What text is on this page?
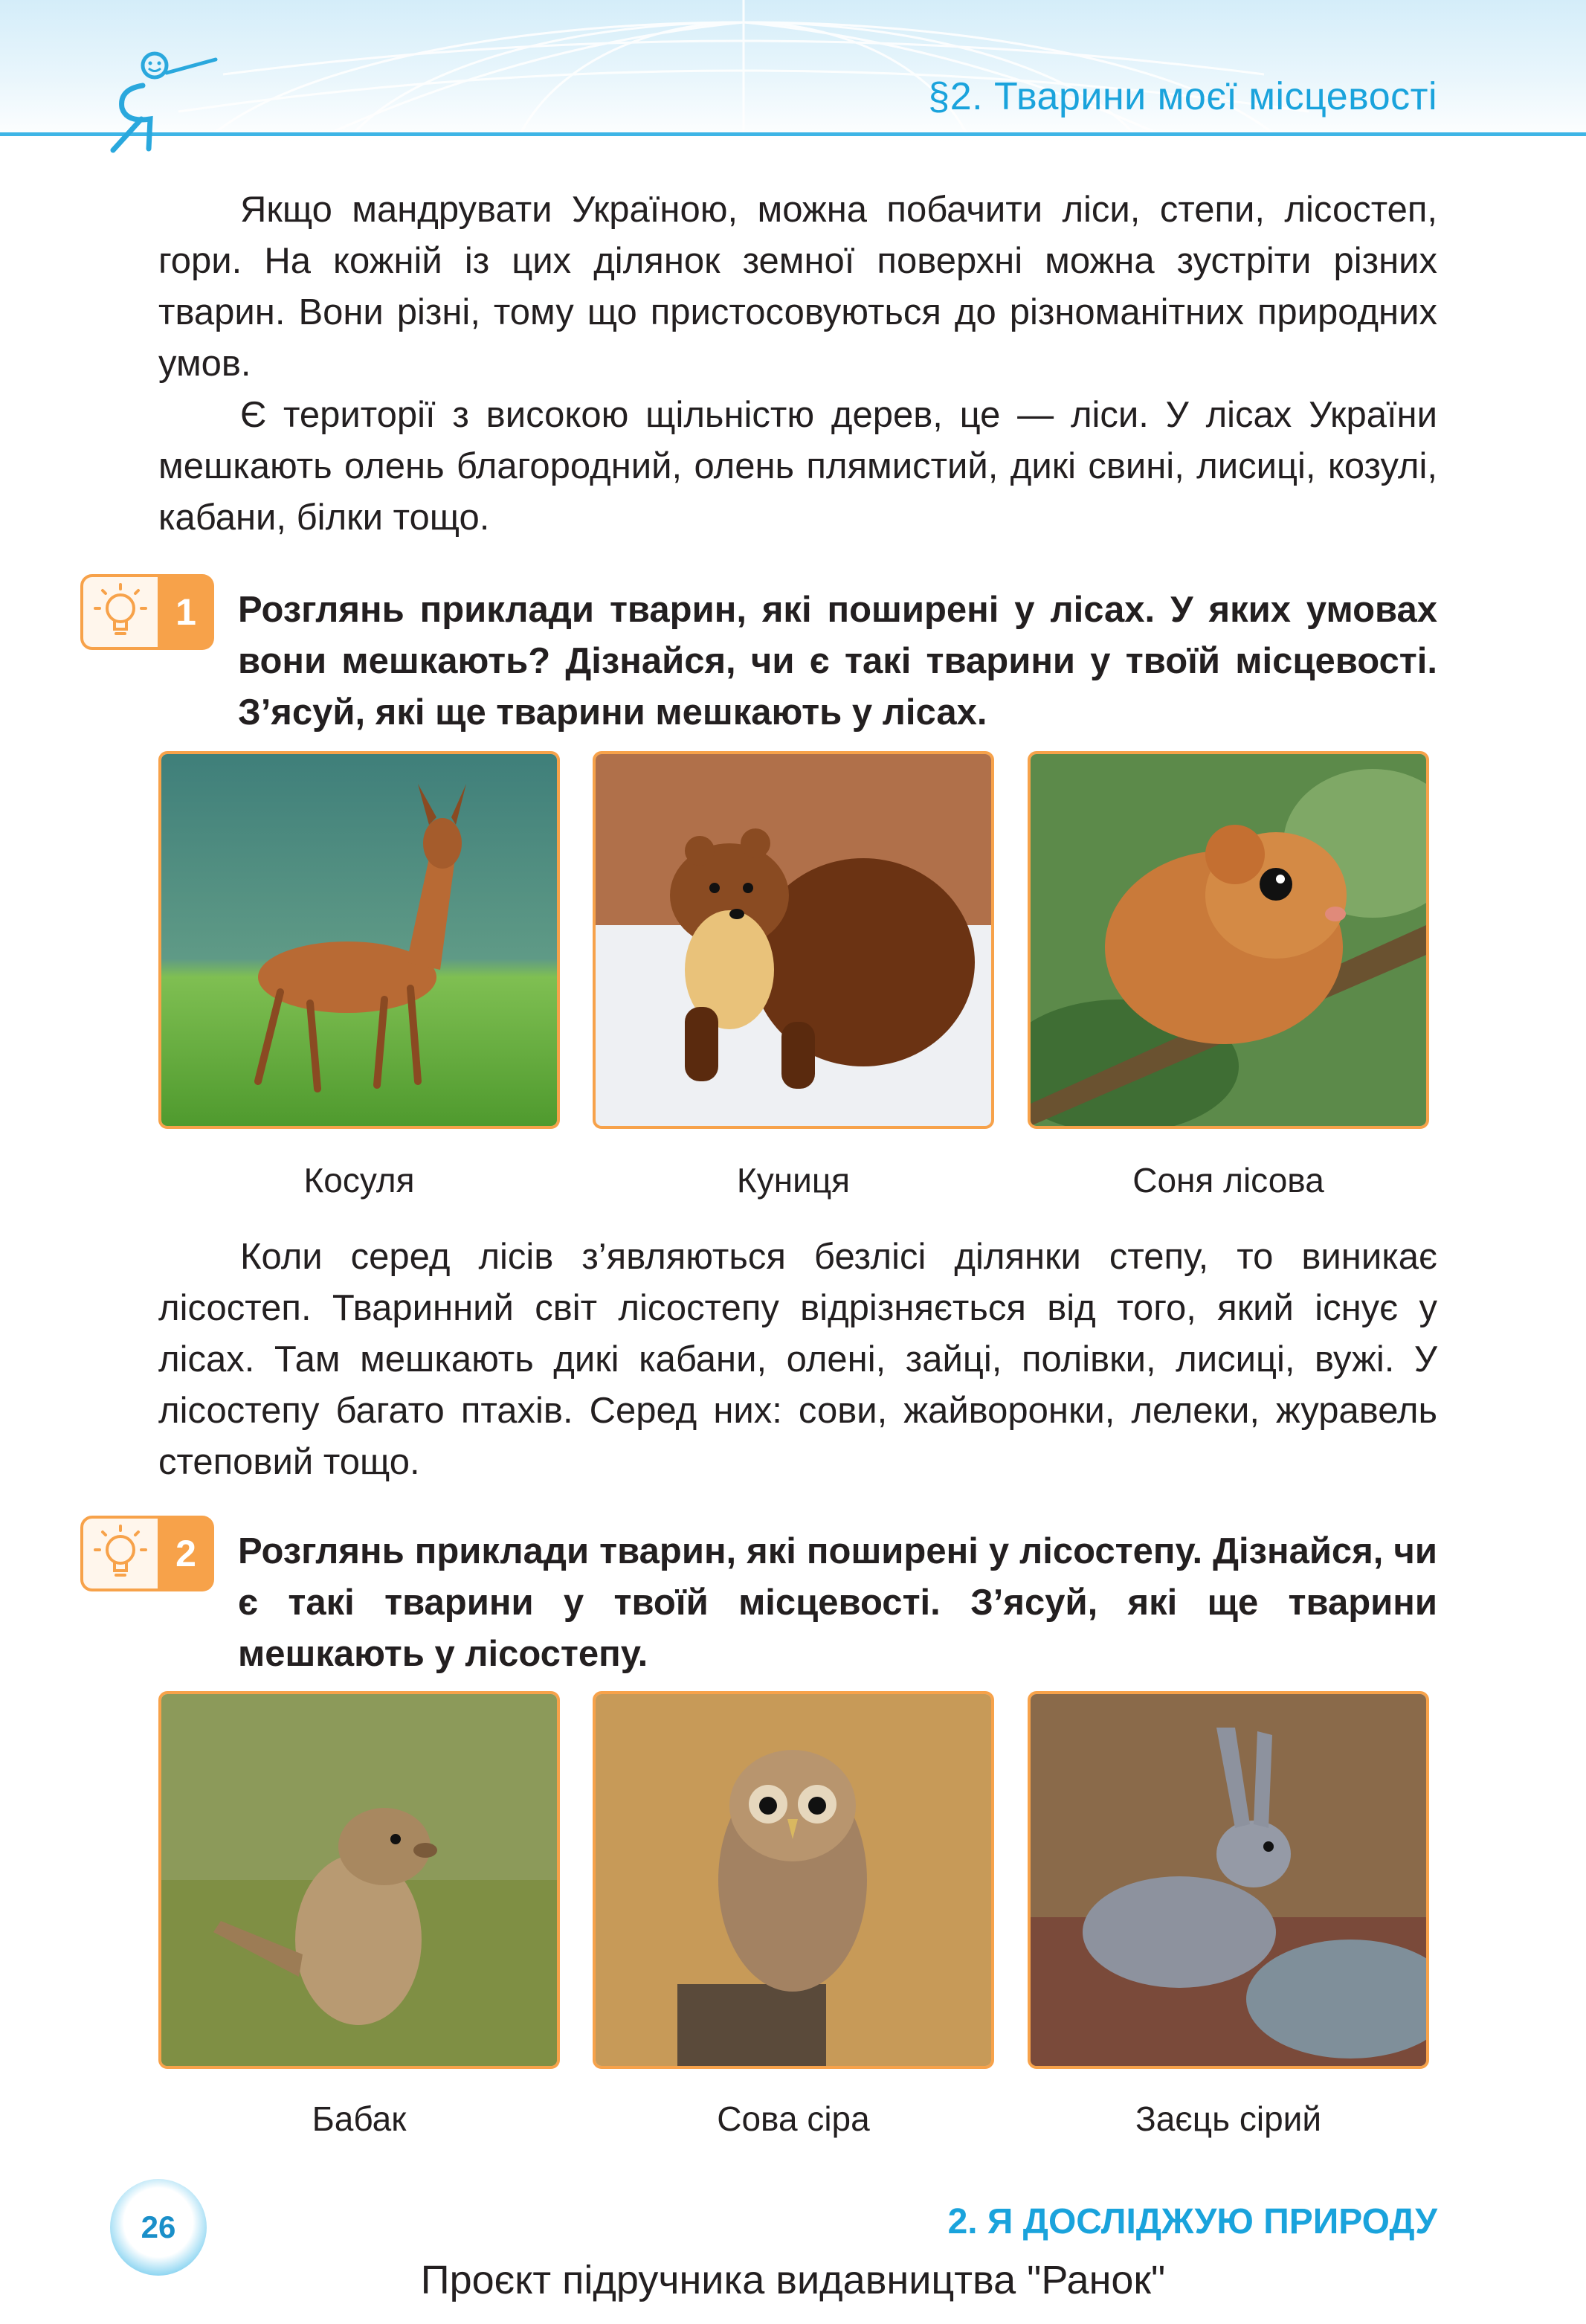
§2. Тварини моєї місцевості

Якщо мандрувати Україною, можна побачити ліси, степи, лісостеп, гори. На кожній із цих ділянок земної поверхні можна зустріти різних тварин. Вони різні, тому що пристосовуються до різноманітних природних умов.

Є території з високою щільністю дерев, це — ліси. У лісах України мешкають олень благородний, олень плямистий, дикі свині, лисиці, козулі, кабани, білки тощо.

1	Розглянь приклади тварин, які поширені у лісах. У яких умовах вони мешкають? Дізнайся, чи є такі тварини у твоїй місцевості. З’ясуй, які ще тварини мешкають у лісах.

Косуля	Куниця	Соня лісова

Коли серед лісів з’являються безлісі ділянки степу, то виникає лісостеп. Тваринний світ лісостепу відрізняється від того, який існує у лісах. Там мешкають дикі кабани, олені, зайці, полівки, лисиці, вужі. У лісостепу багато птахів. Серед них: сови, жайворонки, лелеки, журавель степовий тощо.

2	Розглянь приклади тварин, які поширені у лісостепу. Дізнайся, чи є такі тварини у твоїй місцевості. З’ясуй, які ще тварини мешкають у лісостепу.

Бабак	Сова сіра	Заєць сірий
26	2. Я ДОСЛІДЖУЮ ПРИРОДУ
Проєкт підручника видавництва "Ранок"
